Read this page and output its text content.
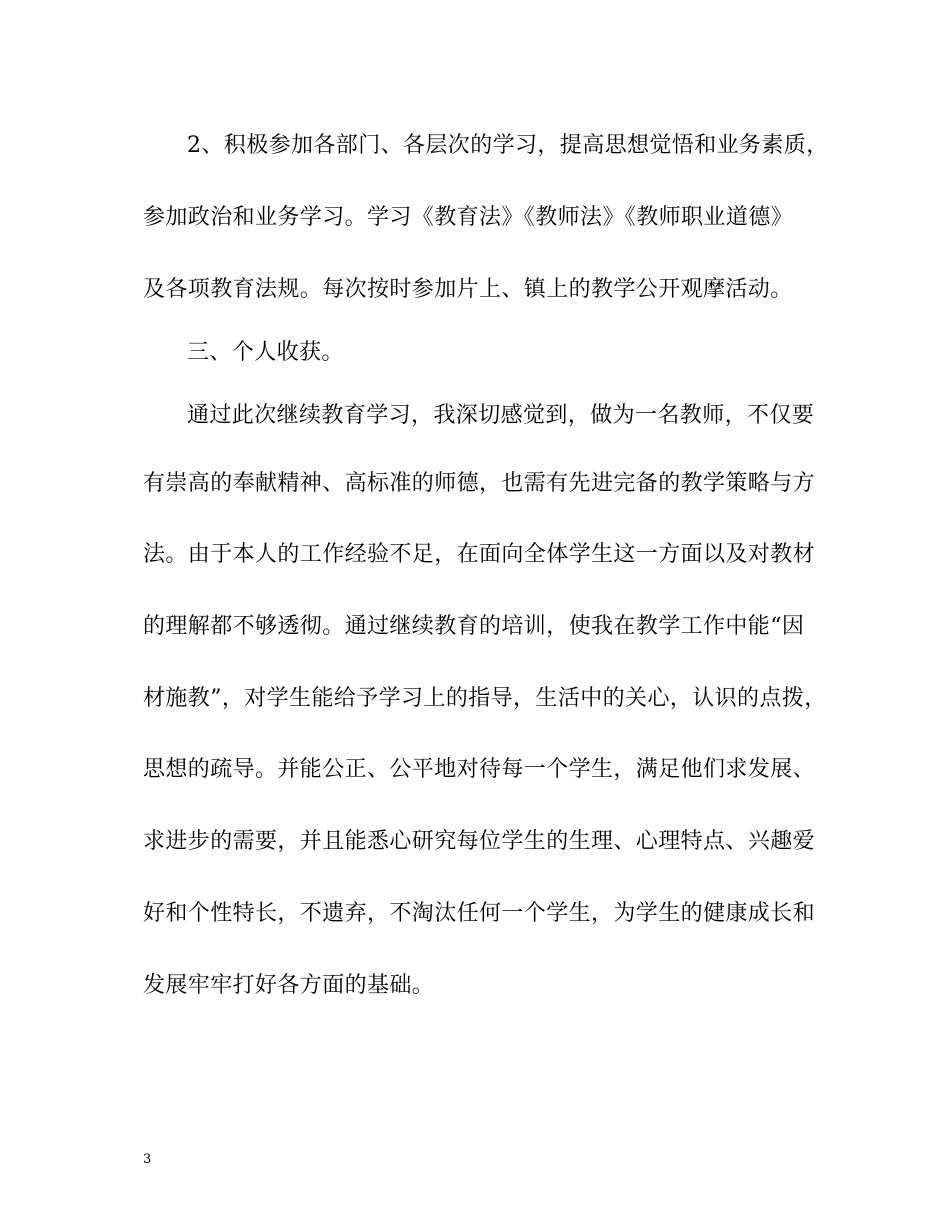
2、积极参加各部门、各层次的学习，提高思想觉悟和业务素质，
参加政治和业务学习。学习《教育法》《教师法》《教师职业道德》
及各项教育法规。每次按时参加片上、镇上的教学公开观摩活动。
三、个人收获。
通过此次继续教育学习，我深切感觉到，做为一名教师，不仅要
有崇高的奉献精神、高标准的师德，也需有先进完备的教学策略与方
法。由于本人的工作经验不足，在面向全体学生这一方面以及对教材
的理解都不够透彻。通过继续教育的培训，使我在教学工作中能“因
材施教”，对学生能给予学习上的指导，生活中的关心，认识的点拨，
思想的疏导。并能公正、公平地对待每一个学生，满足他们求发展、
求进步的需要，并且能悉心研究每位学生的生理、心理特点、兴趣爱
好和个性特长，不遗弃，不淘汰任何一个学生，为学生的健康成长和
发展牢牢打好各方面的基础。
3
